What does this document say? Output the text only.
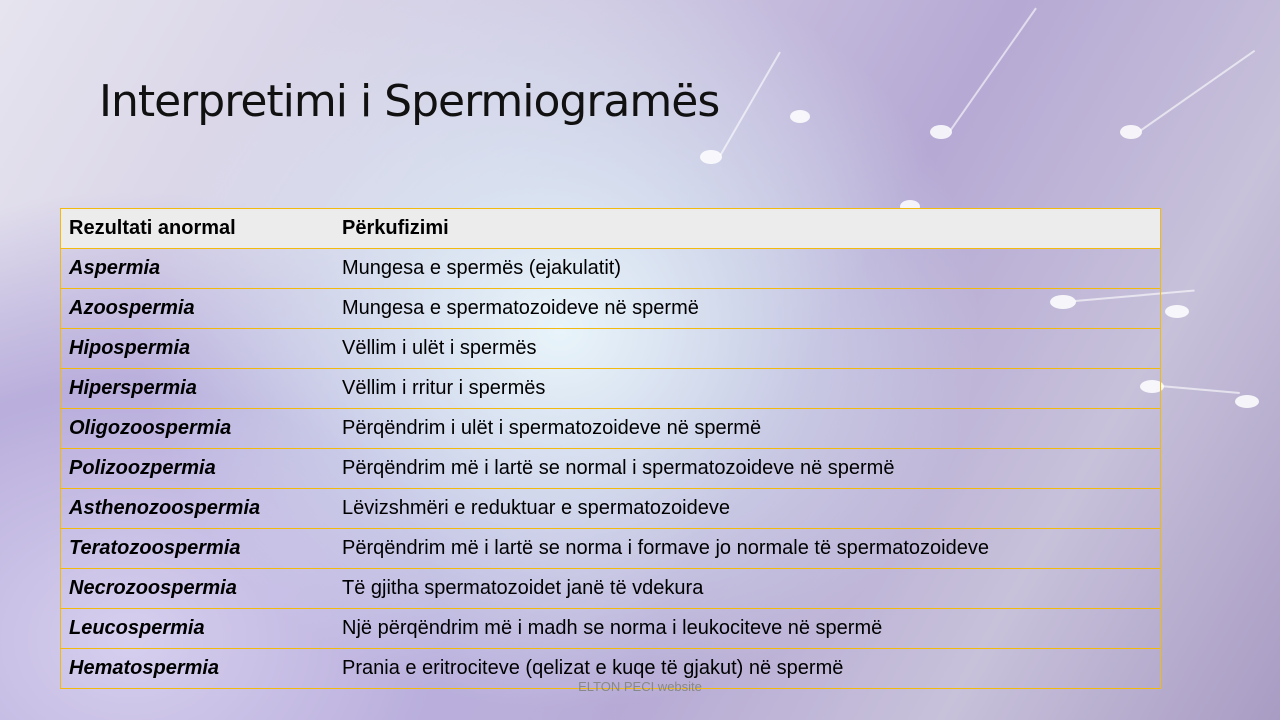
Interpretimi i Spermiogramës
Rezultati anormal	Përkufizimi
Aspermia	Mungesa e spermës (ejakulatit)
Azoospermia	Mungesa e spermatozoideve në spermë
Hipospermia	Vëllim i ulët i spermës
Hiperspermia	Vëllim i rritur i spermës
Oligozoospermia	Përqëndrim i ulët i spermatozoideve në spermë
Polizoozpermia	Përqëndrim më i lartë se normal i spermatozoideve në spermë
Asthenozoospermia	Lëvizshmëri e reduktuar e spermatozoideve
Teratozoospermia	Përqëndrim më i lartë se norma i formave jo normale të spermatozoideve
Necrozoospermia	Të gjitha spermatozoidet janë të vdekura
Leucospermia	Një përqëndrim më i madh se norma i leukociteve në spermë
Hematospermia	Prania e eritrociteve (qelizat e kuqe të gjakut) në spermë
ELTON PECI website
